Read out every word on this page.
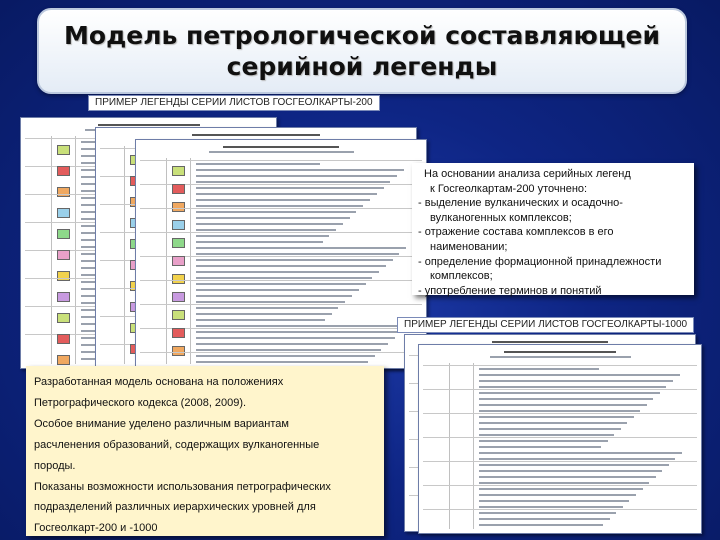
Модель петрологической составляющей
серийной легенды
ПРИМЕР ЛЕГЕНДЫ СЕРИИ ЛИСТОВ ГОСГЕОЛКАРТЫ-200
ПРИМЕР ЛЕГЕНДЫ СЕРИИ ЛИСТОВ ГОСГЕОЛКАРТЫ-1000
На основании анализа серийных легенд
к Госгеолкартам-200 уточнено:
- выделение вулканических и осадочно-
вулканогенных комплексов;
- отражение состава комплексов в его
наименовании;
- определение формационной принадлежности
комплексов;
- употребление терминов и понятий
Разработанная модель основана на положениях
Петрографического кодекса (2008, 2009).
Особое внимание уделено различным вариантам
расчленения образований, содержащих вулканогенные
породы.
Показаны возможности использования петрографических
подразделений различных иерархических уровней для
Госгеолкарт-200 и -1000
